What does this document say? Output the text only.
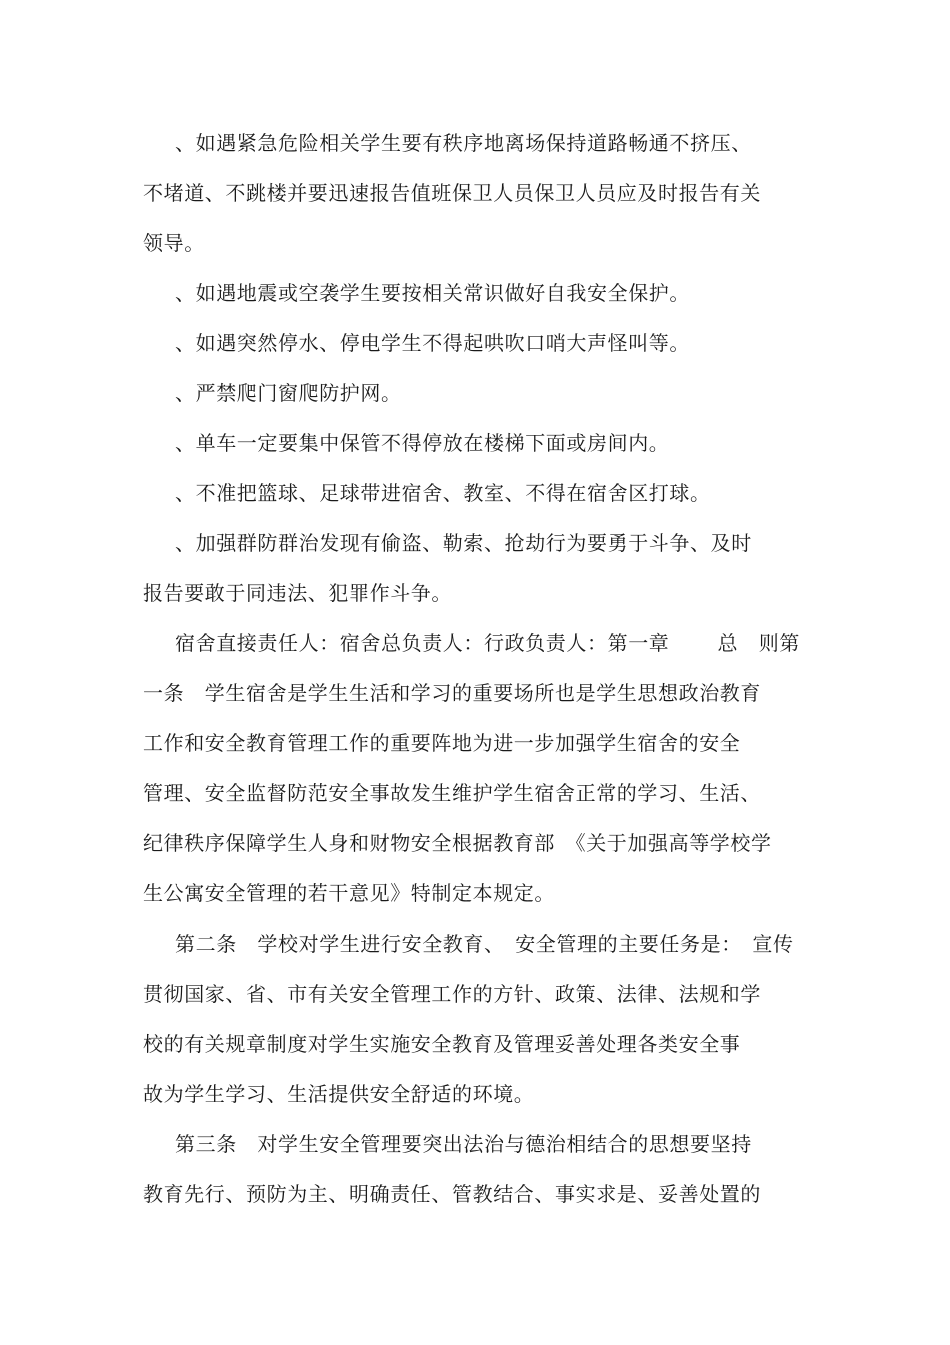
、如遇紧急危险相关学生要有秩序地离场保持道路畅通不挤压、
不堵道、不跳楼并要迅速报告值班保卫人员保卫人员应及时报告有关
领导。
、如遇地震或空袭学生要按相关常识做好自我安全保护。
、如遇突然停水、停电学生不得起哄吹口哨大声怪叫等。
、严禁爬门窗爬防护网。
、单车一定要集中保管不得停放在楼梯下面或房间内。
、不准把篮球、足球带进宿舍、教室、不得在宿舍区打球。
、加强群防群治发现有偷盗、勒索、抢劫行为要勇于斗争、及时
报告要敢于同违法、犯罪作斗争。
宿舍直接责任人：宿舍总负责人：行政负责人：第一章　　 总　则第
一条　学生宿舍是学生生活和学习的重要场所也是学生思想政治教育
工作和安全教育管理工作的重要阵地为进一步加强学生宿舍的安全
管理、安全监督防范安全事故发生维护学生宿舍正常的学习、生活、
纪律秩序保障学生人身和财物安全根据教育部　《关于加强高等学校学
生公寓安全管理的若干意见》特制定本规定。
第二条　学校对学生进行安全教育、　安全管理的主要任务是：　宣传
贯彻国家、省、市有关安全管理工作的方针、政策、法律、法规和学
校的有关规章制度对学生实施安全教育及管理妥善处理各类安全事
故为学生学习、生活提供安全舒适的环境。
第三条　对学生安全管理要突出法治与德治相结合的思想要坚持
教育先行、预防为主、明确责任、管教结合、事实求是、妥善处置的
